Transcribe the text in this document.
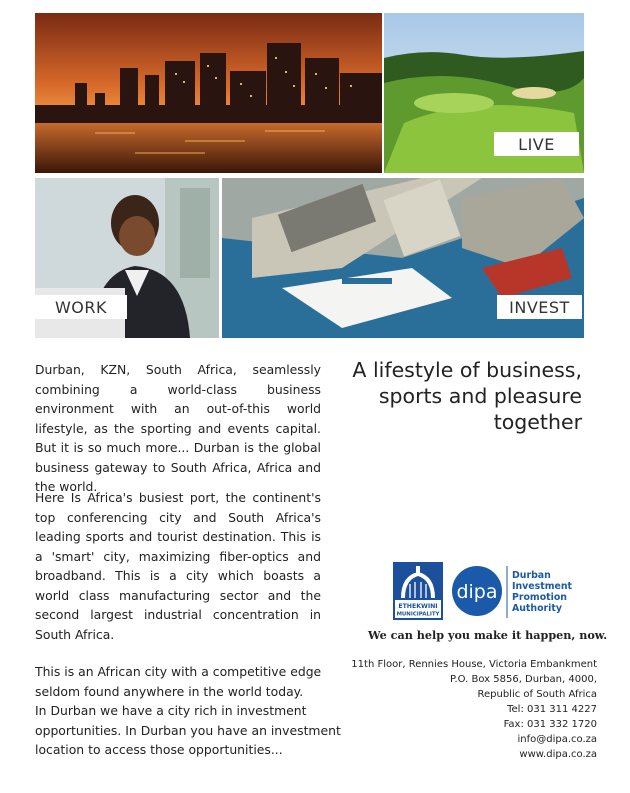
LIVE
WORK	INVEST

Durban, KZN, South Africa, seamlessly combining a world-class business environment with an out-of-this world lifestyle, as the sporting and events capital. But it is so much more... Durban is the global business gateway to South Africa, Africa and the world.

Here Is Africa's busiest port, the continent's top conferencing city and South Africa's leading sports and tourist destination. This is a 'smart' city, maximizing fiber-optics and broadband. This is a city which boasts a world class manufacturing sector and the second largest industrial concentration in South Africa.

This is an African city with a competitive edge
seldom found anywhere in the world today.
In Durban we have a city rich in investment
opportunities. In Durban you have an investment
location to access those opportunities...
A lifestyle of business,
sports and pleasure
together
ETHEKWINI
MUNICIPALITY
dipa
Durban
Investment
Promotion
Authority
We can help you make it happen, now.
11th Floor, Rennies House, Victoria Embankment
P.O. Box 5856, Durban, 4000,
Republic of South Africa
Tel: 031 311 4227
Fax: 031 332 1720
info@dipa.co.za
www.dipa.co.za
